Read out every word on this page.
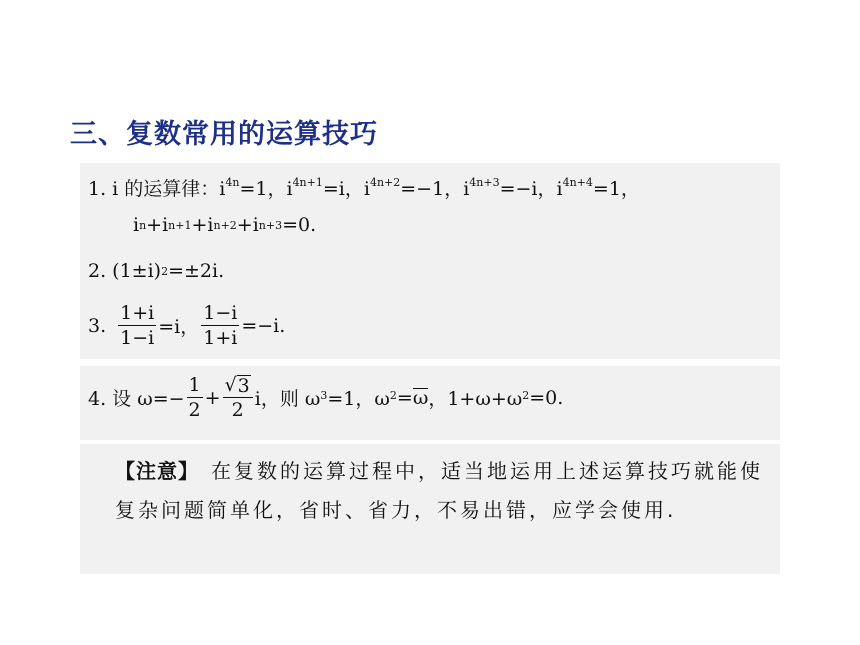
三、复数常用的运算技巧
1. i 的运算律： $i^{4n}=1$， $i^{4n+1}=i$， $i^{4n+2}=-1$， $i^{4n+3}=-i$， $i^{4n+4}=1$，
$i^n +i^{n+1} +i^{n+2} +i^{n+3} =0$.
2. $(1\pm i)^2 =\pm 2i$.
3. $\frac{1+i}{1-i} =i$， $\frac{1-i}{1+i} =-i$.
4. 设 $\omega=- \frac{1}{2} + \frac{√ 3}{2}$ i，则 $\omega^3 =1$，$\omega^2 = \omega$ ，$1+\omega+\omega^2 =0$.
【注意】 在复数的运算过程中，适当地运用上述运算技巧就能使复杂问题简单化，省时、省力，不易出错，应学会使用.
